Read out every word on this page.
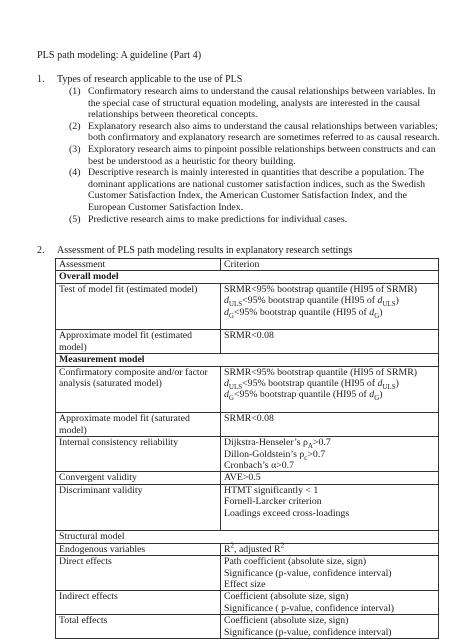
PLS path modeling: A guideline (Part 4)
1. Types of research applicable to the use of PLS
(1) Confirmatory research aims to understand the causal relationships between variables. In
the special case of structural equation modeling, analysts are interested in the causal
relationships between theoretical concepts.
(2) Explanatory research also aims to understand the causal relationships between variables;
both confirmatory and explanatory research are sometimes referred to as causal research.
(3) Exploratory research aims to pinpoint possible relationships between constructs and can
best be understood as a heuristic for theory building.
(4) Descriptive research is mainly interested in quantities that describe a population. The
dominant applications are national customer satisfaction indices, such as the Swedish
Customer Satisfaction Index, the American Customer Satisfaction Index, and the
European Customer Satisfaction Index.
(5) Predictive research aims to make predictions for individual cases.
2. Assessment of PLS path modeling results in explanatory research settings
Assessment	Criterion
Overall model	
Test of model fit (estimated model)	SRMR<95% bootstrap quantile (HI95 of SRMR)
$d_{ULS}<95\%$ bootstrap quantile (HI95 of $d_{ULS}$)
$d_G<95\%$ bootstrap quantile (HI95 of $d_G$)

Approximate model fit (estimated model)	SRMR<0.08
Measurement model	

Confirmatory composite and/or factor
analysis (saturated model)	SRMR<95% bootstrap quantile (HI95 of SRMR)
$d_{ULS}<95\%$ bootstrap quantile (HI95 of $d_{ULS}$)
$d_G<95\%$ bootstrap quantile (HI95 of $d_G$)

Approximate model fit (saturated model)	SRMR<0.08
Internal consistency reliability	Dijkstra-Henseler’s $\rho_A>0.7$
Dillon-Goldstein’s $\rho_c>0.7$
Cronbach’s α>0.7

Convergent validity	AVE>0.5
Discriminant validity	HTMT significantly < 1
Fornell-Larcker criterion
Loadings exceed cross-loadings

Structural model	
Endogenous variables	$R^2$, adjusted $R^2$
Direct effects	Path coefficient (absolute size, sign)
Significance (p-value, confidence interval)
Effect size

Indirect effects	Coefficient (absolute size, sign)
Significance ( p-value, confidence interval)

Total effects	Coefficient (absolute size, sign)
Significance (p-value, confidence interval)
